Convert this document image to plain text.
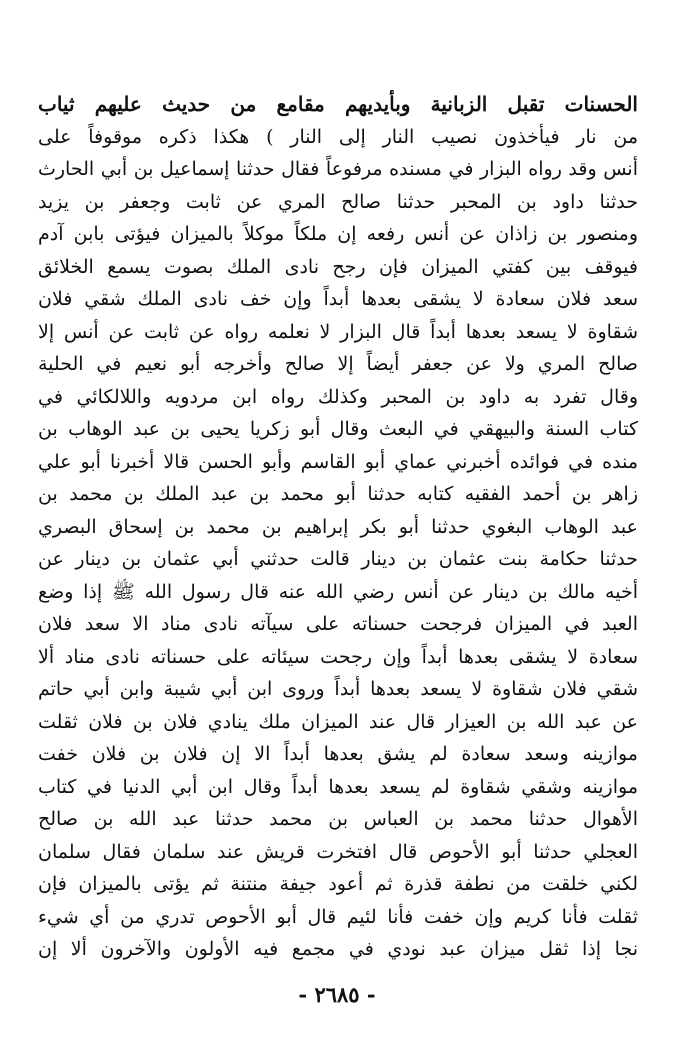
الحسنات تقبل الزبانية وبأيديهم مقامع من حديث عليهم ثياب
من نار فيأخذون نصيب النار إلى النار ) هكذا ذكره موقوفاً على
أنس وقد رواه البزار في مسنده مرفوعاً فقال حدثنا إسماعيل بن أبي الحارث
حدثنا داود بن المحبر حدثنا صالح المري عن ثابت وجعفر بن يزيد
ومنصور بن زاذان عن أنس رفعه إن ملكاً موكلاً بالميزان فيؤتى بابن آدم
فيوقف بين كفتي الميزان فإن رجح نادى الملك بصوت يسمع الخلائق
سعد فلان سعادة لا يشقى بعدها أبداً وإن خف نادى الملك شقي فلان
شقاوة لا يسعد بعدها أبداً قال البزار لا نعلمه رواه عن ثابت عن أنس إلا
صالح المري ولا عن جعفر أيضاً إلا صالح وأخرجه أبو نعيم في الحلية
وقال تفرد به داود بن المحبر وكذلك رواه ابن مردويه واللالكائي في
كتاب السنة والبيهقي في البعث وقال أبو زكريا يحيى بن عبد الوهاب بن
منده في فوائده أخبرني عماي أبو القاسم وأبو الحسن قالا أخبرنا أبو علي
زاهر بن أحمد الفقيه كتابه حدثنا أبو محمد بن عبد الملك بن محمد بن
عبد الوهاب البغوي حدثنا أبو بكر إبراهيم بن محمد بن إسحاق البصري
حدثنا حكامة بنت عثمان بن دينار قالت حدثني أبي عثمان بن دينار عن
أخيه مالك بن دينار عن أنس رضي الله عنه قال رسول الله ﷺ إذا وضع
العبد في الميزان فرجحت حسناته على سيآته نادى مناد الا سعد فلان
سعادة لا يشقى بعدها أبداً وإن رجحت سيئاته على حسناته نادى مناد ألا
شقي فلان شقاوة لا يسعد بعدها أبداً وروى ابن أبي شيبة وابن أبي حاتم
عن عبد الله بن العيزار قال عند الميزان ملك ينادي فلان بن فلان ثقلت
موازينه وسعد سعادة لم يشق بعدها أبداً الا إن فلان بن فلان خفت
موازينه وشقي شقاوة لم يسعد بعدها أبداً وقال ابن أبي الدنيا في كتاب
الأهوال حدثنا محمد بن العباس بن محمد حدثنا عبد الله بن صالح
العجلي حدثنا أبو الأحوص قال افتخرت قريش عند سلمان فقال سلمان
لكني خلقت من نطفة قذرة ثم أعود جيفة منتنة ثم يؤتى بالميزان فإن
ثقلت فأنا كريم وإن خفت فأنا لئيم قال أبو الأحوص تدري من أي شيء
نجا إذا ثقل ميزان عبد نودي في مجمع فيه الأولون والآخرون ألا إن
- ٢٦٨٥ -
